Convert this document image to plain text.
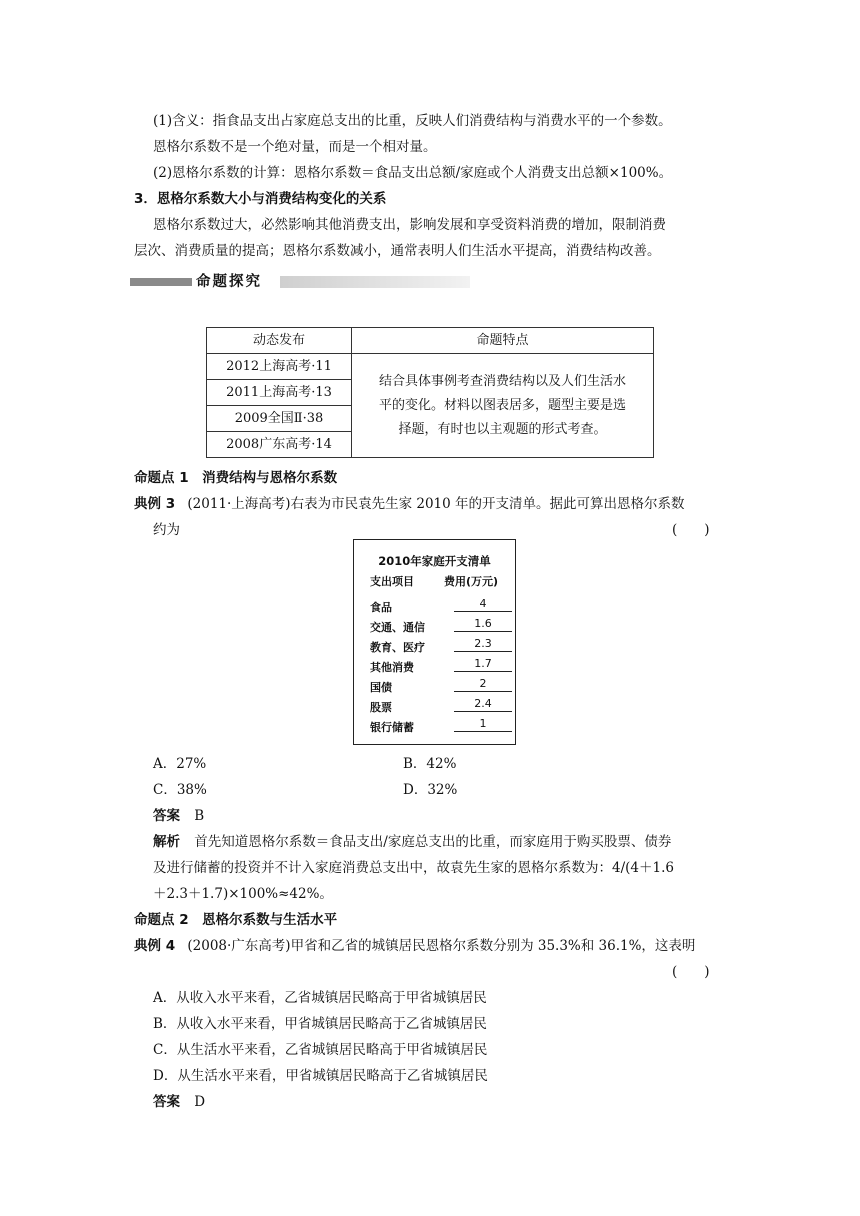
(1)含义：指食品支出占家庭总支出的比重，反映人们消费结构与消费水平的一个参数。
恩格尔系数不是一个绝对量，而是一个相对量。
(2)恩格尔系数的计算：恩格尔系数＝食品支出总额/家庭或个人消费支出总额×100%。
3．恩格尔系数大小与消费结构变化的关系
恩格尔系数过大，必然影响其他消费支出，影响发展和享受资料消费的增加，限制消费
层次、消费质量的提高；恩格尔系数减小，通常表明人们生活水平提高，消费结构改善。
命题探究
动态发布	命题特点
2012上海高考·11	结合具体事例考查消费结构以及人们生活水
平的变化。材料以图表居多，题型主要是选
择题，有时也以主观题的形式考查。

2011上海高考·13	
2009全国Ⅱ·38	
2008广东高考·14	
命题点 1　消费结构与恩格尔系数
典例 3 (2011·上海高考)右表为市民袁先生家 2010 年的开支清单。据此可算出恩格尔系数
约为	(　　)
2010年家庭开支清单
支出项目	费用(万元)
食品	4
交通、通信	1.6
教育、医疗	2.3
其他消费	1.7
国债	2
股票	2.4
银行储蓄	1
A．27%	B．42%
C．38%	D．32%
答案 B
解析 首先知道恩格尔系数＝食品支出/家庭总支出的比重，而家庭用于购买股票、债券
及进行储蓄的投资并不计入家庭消费总支出中，故袁先生家的恩格尔系数为：4/(4＋1.6
＋2.3＋1.7)×100%≈42%。
命题点 2　恩格尔系数与生活水平
典例 4 (2008·广东高考)甲省和乙省的城镇居民恩格尔系数分别为 35.3%和 36.1%，这表明
(　　)
A．从收入水平来看，乙省城镇居民略高于甲省城镇居民
B．从收入水平来看，甲省城镇居民略高于乙省城镇居民
C．从生活水平来看，乙省城镇居民略高于甲省城镇居民
D．从生活水平来看，甲省城镇居民略高于乙省城镇居民
答案 D
